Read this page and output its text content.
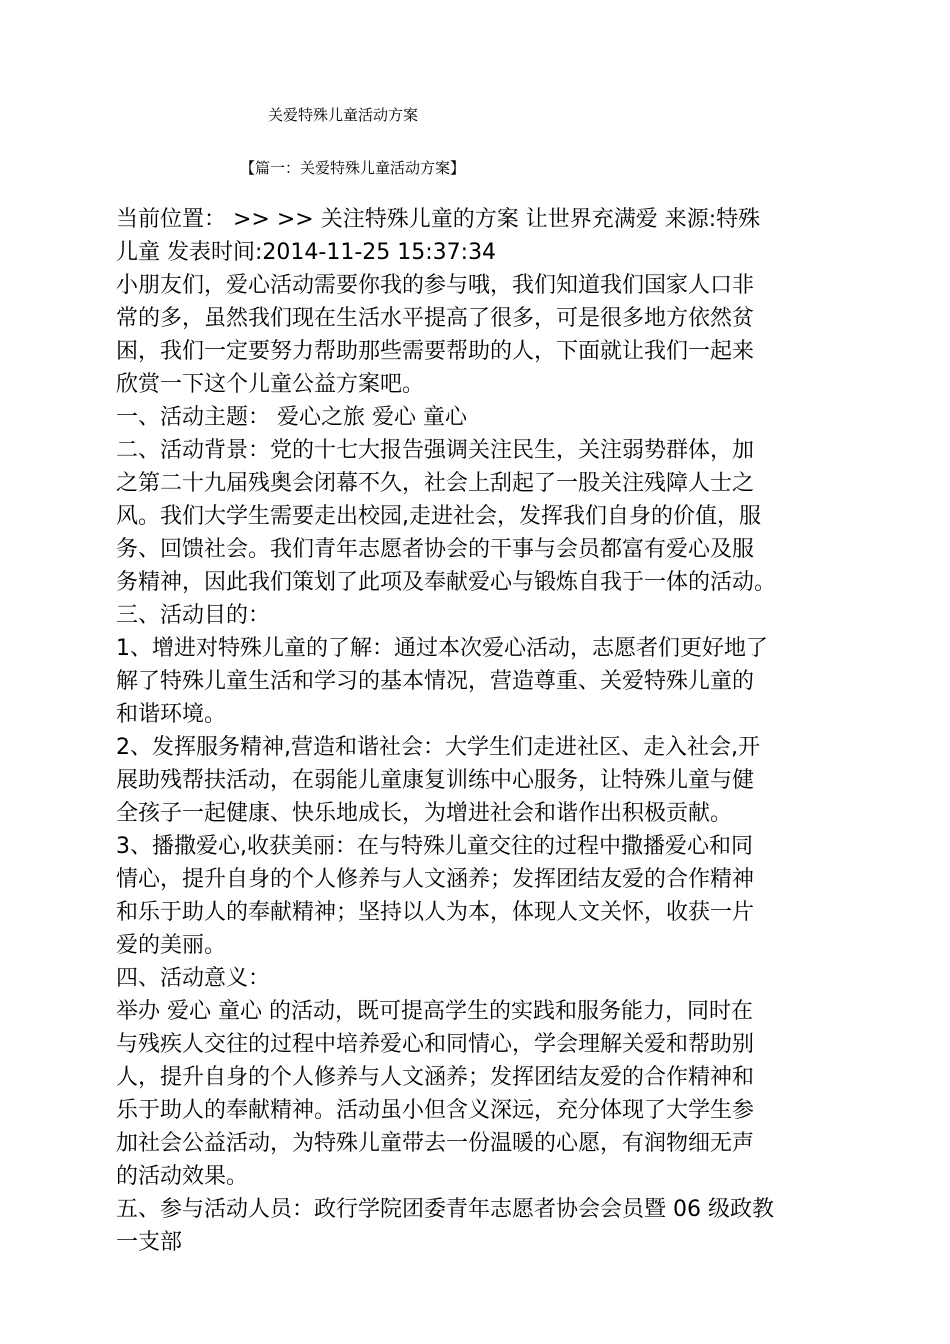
关爱特殊儿童活动方案
【篇一：关爱特殊儿童活动方案】
当前位置： >> >> 关注特殊儿童的方案 让世界充满爱 来源:特殊
儿童 发表时间:2014-11-25 15:37:34
小朋友们，爱心活动需要你我的参与哦，我们知道我们国家人口非
常的多，虽然我们现在生活水平提高了很多，可是很多地方依然贫
困，我们一定要努力帮助那些需要帮助的人，下面就让我们一起来
欣赏一下这个儿童公益方案吧。
一、活动主题： 爱心之旅 爱心 童心
二、活动背景：党的十七大报告强调关注民生，关注弱势群体，加
之第二十九届残奥会闭幕不久，社会上刮起了一股关注残障人士之
风。我们大学生需要走出校园,走进社会，发挥我们自身的价值，服
务、回馈社会。我们青年志愿者协会的干事与会员都富有爱心及服
务精神，因此我们策划了此项及奉献爱心与锻炼自我于一体的活动。
三、活动目的：
1、增进对特殊儿童的了解：通过本次爱心活动，志愿者们更好地了
解了特殊儿童生活和学习的基本情况，营造尊重、关爱特殊儿童的
和谐环境。
2、发挥服务精神,营造和谐社会：大学生们走进社区、走入社会,开
展助残帮扶活动，在弱能儿童康复训练中心服务，让特殊儿童与健
全孩子一起健康、快乐地成长，为增进社会和谐作出积极贡献。
3、播撒爱心,收获美丽：在与特殊儿童交往的过程中撒播爱心和同
情心，提升自身的个人修养与人文涵养；发挥团结友爱的合作精神
和乐于助人的奉献精神；坚持以人为本，体现人文关怀，收获一片
爱的美丽。
四、活动意义：
举办 爱心 童心 的活动，既可提高学生的实践和服务能力，同时在
与残疾人交往的过程中培养爱心和同情心，学会理解关爱和帮助别
人，提升自身的个人修养与人文涵养；发挥团结友爱的合作精神和
乐于助人的奉献精神。活动虽小但含义深远，充分体现了大学生参
加社会公益活动，为特殊儿童带去一份温暖的心愿，有润物细无声
的活动效果。
五、参与活动人员：政行学院团委青年志愿者协会会员暨 06 级政教
一支部
